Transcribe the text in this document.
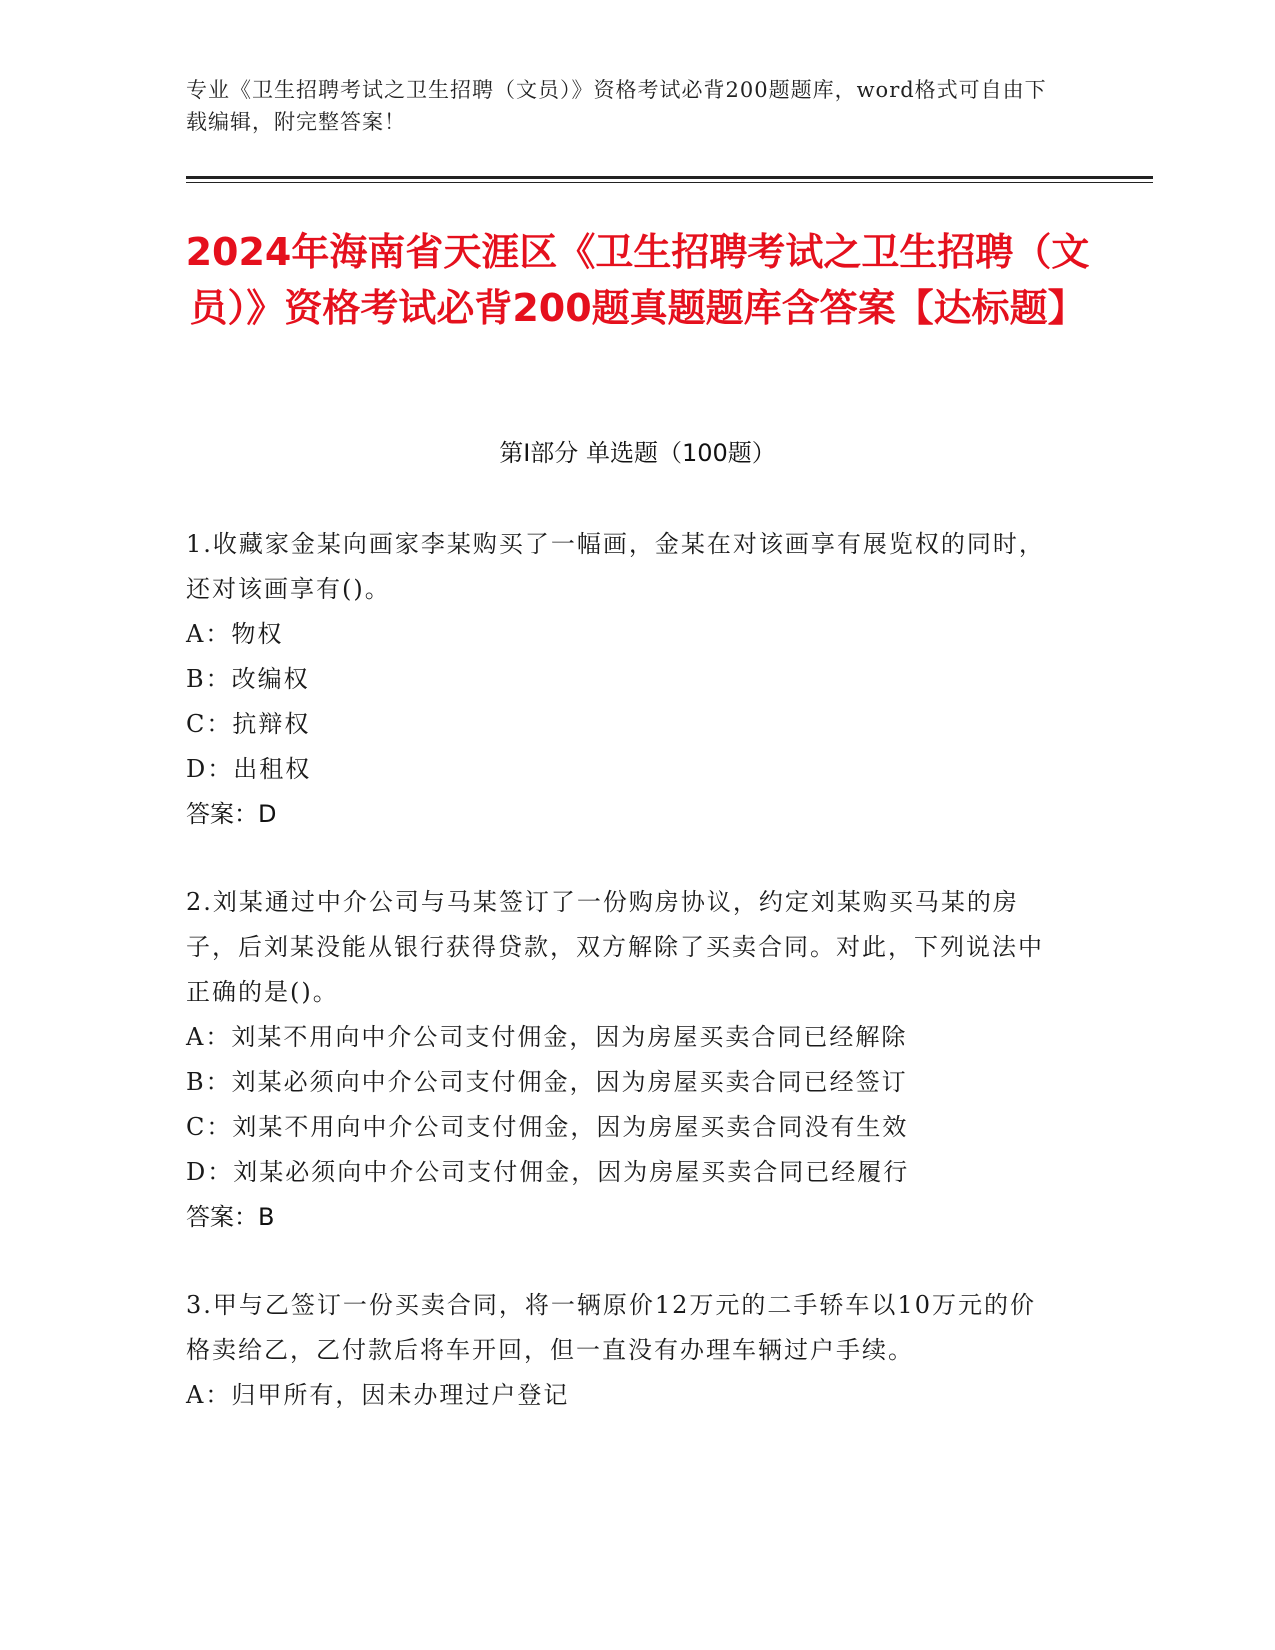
专业《卫生招聘考试之卫生招聘（文员）》资格考试必背200题题库，word格式可自由下载编辑，附完整答案！
2024年海南省天涯区《卫生招聘考试之卫生招聘（文员）》资格考试必背200题真题题库含答案【达标题】
第I部分 单选题（100题）

1.收藏家金某向画家李某购买了一幅画，金某在对该画享有展览权的同时，还对该画享有()。

A：物权

B：改编权

C：抗辩权

D：出租权

答案：D

2.刘某通过中介公司与马某签订了一份购房协议，约定刘某购买马某的房子，后刘某没能从银行获得贷款，双方解除了买卖合同。对此，下列说法中正确的是()。

A：刘某不用向中介公司支付佣金，因为房屋买卖合同已经解除

B：刘某必须向中介公司支付佣金，因为房屋买卖合同已经签订

C：刘某不用向中介公司支付佣金，因为房屋买卖合同没有生效

D：刘某必须向中介公司支付佣金，因为房屋买卖合同已经履行

答案：B

3.甲与乙签订一份买卖合同，将一辆原价12万元的二手轿车以10万元的价格卖给乙，乙付款后将车开回，但一直没有办理车辆过户手续。

A：归甲所有，因未办理过户登记
